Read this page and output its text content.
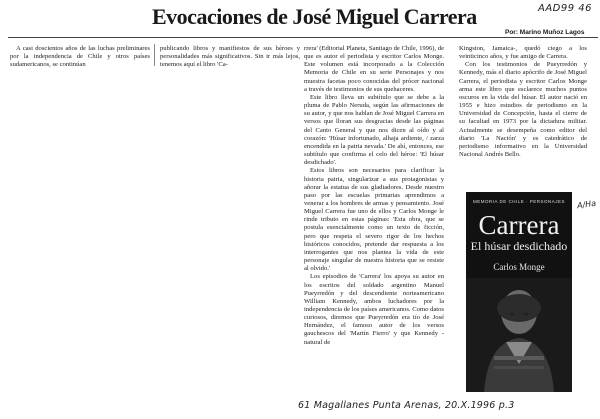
AAD99 46
Evocaciones de José Miguel Carrera
Por: Marino Muñoz Lagos

A casi doscientos años de las luchas preliminares por la independencia de Chile y otros países sudamericanos, se continúan

publicando libros y manifiestos de sus héroes y personalidades más significativos. Sin ir más lejos, tenemos aquí el libro 'Ca-

rrera' (Editorial Planeta, Santiago de Chile, 1996), de que es autor el periodista y escritor Carlos Monge. Este volumen está incorporado a la Colección Memoria de Chile en su serie Personajes y nos muestra facetas poco conocidas del prócer nacional a través de testimonios de sus quehaceres.

Este libro lleva un subtítulo que se debe a la pluma de Pablo Neruda, según las afirmaciones de su autor, y que nos hablan de José Miguel Carrera en versos que lloran sus desgracias desde las páginas del Canto General y que nos dicen al oído y al corazón: 'Húsar infortunado, alhaja ardiente, / zarza encendida en la patria nevada.' De ahí, entonces, ese subtítulo que confirma el celo del héroe: 'El húsar desdichado'.

Estos libros son necesarios para clarificar la historia patria, singularizar a sus protagonistas y añorar la estatua de sus gladiadores. Desde nuestro paso por las escuelas primarias aprendimos a venerar a los hombres de armas y pensamiento. José Miguel Carrera fue uno de ellos y Carlos Monge le rinde tributo en estas páginas: 'Esta obra, que se postula esencialmente como un texto de ficción, pero que respeta el severo rigor de los hechos históricos conocidos, pretende dar respuesta a los interrogantes que nos plantea la vida de este personaje singular de nuestra historia que se resiste al olvido.'

Los episodios de 'Carrera' los apoya su autor en los escritos del soldado argentino Manuel Pueyrredón y del descendiente norteamericano William Kennedy, ambos luchadores por la independencia de los países americanos. Como datos curiosos, diremos que Pueyrredón era tío de José Hernández, el famoso autor de los versos gauchescos del 'Martín Fierro' y que Kennedy -natural de

Kingston, Jamaica-, quedó ciego a los veinticinco años, y fue amigo de Carrera.

Con los testimonios de Pueyrredón y Kennedy, más el diario apócrifo de José Miguel Carrera, el periodista y escritor Carlos Monge arma este libro que esclarece muchos puntos oscuros en la vida del húsar. El autor nació en 1955 e hizo estudios de periodismo en la Universidad de Concepción, hasta el cierre de su facultad en 1973 por la dictadura militar. Actualmente se desempeña como editor del diario 'La Nación' y es catedrático de periodismo informativo en la Universidad Nacional Andrés Bello.

MEMORIA DE CHILE · PERSONAJES
Carrera
El húsar desdichado
Carlos Monge
A/Ha
61 Magallanes Punta Arenas, 20.X.1996 p.3
